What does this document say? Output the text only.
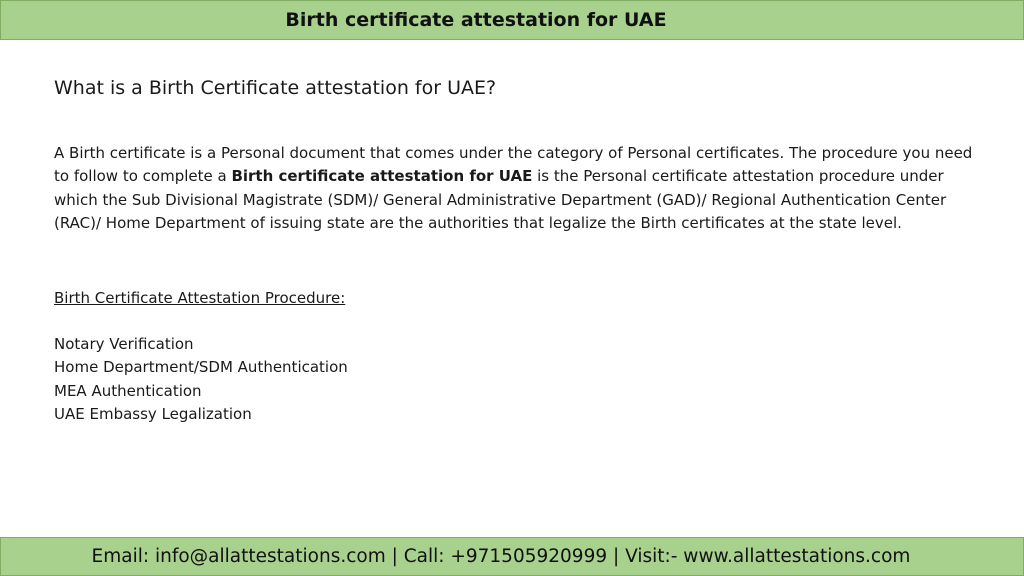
Birth certificate attestation for UAE
What is a Birth Certificate attestation for UAE?

A Birth certificate is a Personal document that comes under the category of Personal certificates. The procedure you need to follow to complete a Birth certificate attestation for UAE is the Personal certificate attestation procedure under which the Sub Divisional Magistrate (SDM)/ General Administrative Department (GAD)/ Regional Authentication Center (RAC)/ Home Department of issuing state are the authorities that legalize the Birth certificates at the state level.

Birth Certificate Attestation Procedure:
Notary Verification
Home Department/SDM Authentication
MEA Authentication
UAE Embassy Legalization
Email: info@allattestations.com | Call: +971505920999 | Visit:- www.allattestations.com
